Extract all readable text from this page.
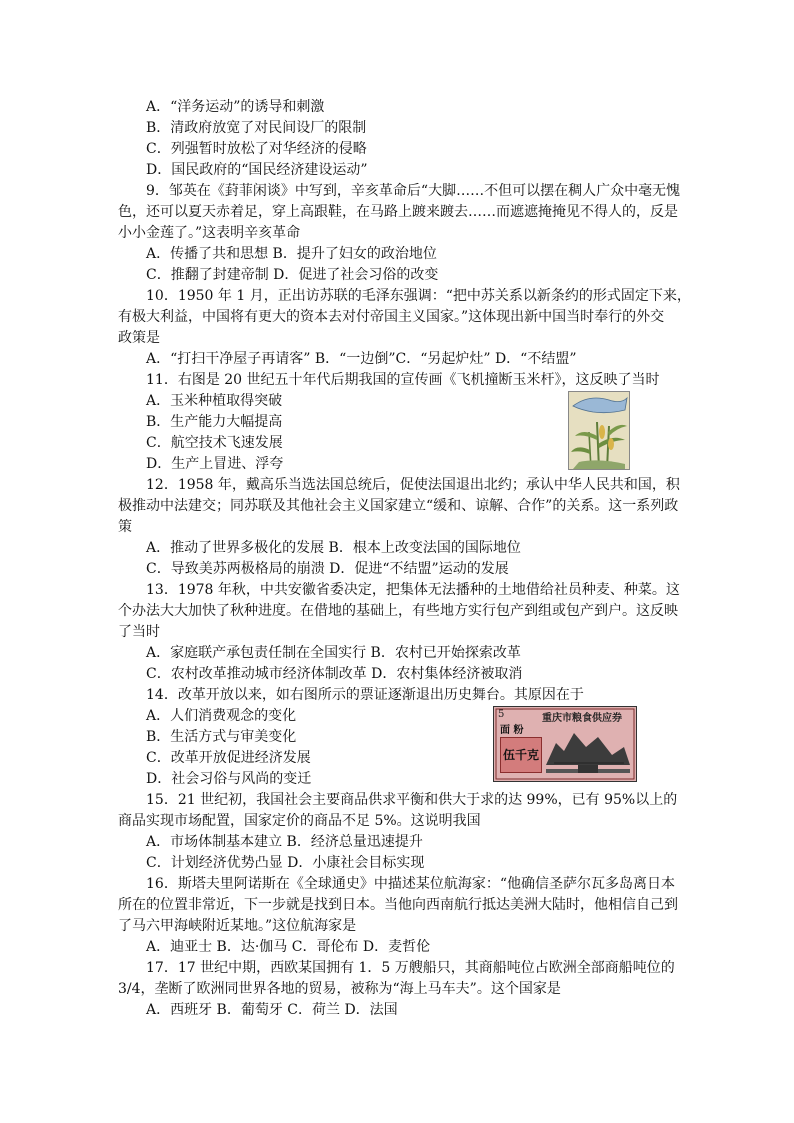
A．“洋务运动”的诱导和刺激
B．清政府放宽了对民间设厂的限制
C．列强暂时放松了对华经济的侵略
D．国民政府的“国民经济建设运动”
9．邹英在《葑菲闲谈》中写到，辛亥革命后“大脚……不但可以摆在稠人广众中毫无愧
色，还可以夏天赤着足，穿上高跟鞋，在马路上踱来踱去……而遮遮掩掩见不得人的，反是
小小金莲了。”这表明辛亥革命
A．传播了共和思想 B．提升了妇女的政治地位
C．推翻了封建帝制 D．促进了社会习俗的改变
10．1950 年 1 月，正出访苏联的毛泽东强调：“把中苏关系以新条约的形式固定下来，
有极大利益，中国将有更大的资本去对付帝国主义国家。”这体现出新中国当时奉行的外交
政策是
A．“打扫干净屋子再请客” B．“一边倒”C．“另起炉灶” D．“不结盟”
11．右图是 20 世纪五十年代后期我国的宣传画《飞机撞断玉米杆》，这反映了当时
A．玉米种植取得突破
B．生产能力大幅提高
C．航空技术飞速发展
D．生产上冒进、浮夸
12．1958 年，戴高乐当选法国总统后，促使法国退出北约；承认中华人民共和国，积
极推动中法建交；同苏联及其他社会主义国家建立“缓和、谅解、合作”的关系。这一系列政
策
A．推动了世界多极化的发展 B．根本上改变法国的国际地位
C．导致美苏两极格局的崩溃 D．促进“不结盟”运动的发展
13．1978 年秋，中共安徽省委决定，把集体无法播种的土地借给社员种麦、种菜。这
个办法大大加快了秋种进度。在借地的基础上，有些地方实行包产到组或包产到户。这反映
了当时
A．家庭联产承包责任制在全国实行 B．农村已开始探索改革
C．农村改革推动城市经济体制改革 D．农村集体经济被取消
14．改革开放以来，如右图所示的票证逐渐退出历史舞台。其原因在于
A．人们消费观念的变化
B．生活方式与审美变化
C．改革开放促进经济发展
D．社会习俗与风尚的变迁
5	重庆市粮食供应券
面 粉
伍千克
15．21 世纪初，我国社会主要商品供求平衡和供大于求的达 99%，已有 95%以上的
商品实现市场配置，国家定价的商品不足 5%。这说明我国
A．市场体制基本建立 B．经济总量迅速提升
C．计划经济优势凸显 D．小康社会目标实现
16．斯塔夫里阿诺斯在《全球通史》中描述某位航海家：“他确信圣萨尔瓦多岛离日本
所在的位置非常近，下一步就是找到日本。当他向西南航行抵达美洲大陆时，他相信自己到
了马六甲海峡附近某地。”这位航海家是
A．迪亚士 B．达·伽马 C．哥伦布 D．麦哲伦
17．17 世纪中期，西欧某国拥有 1．5 万艘船只，其商船吨位占欧洲全部商船吨位的
3/4，垄断了欧洲同世界各地的贸易，被称为“海上马车夫”。这个国家是
A．西班牙 B．葡萄牙 C．荷兰 D．法国
